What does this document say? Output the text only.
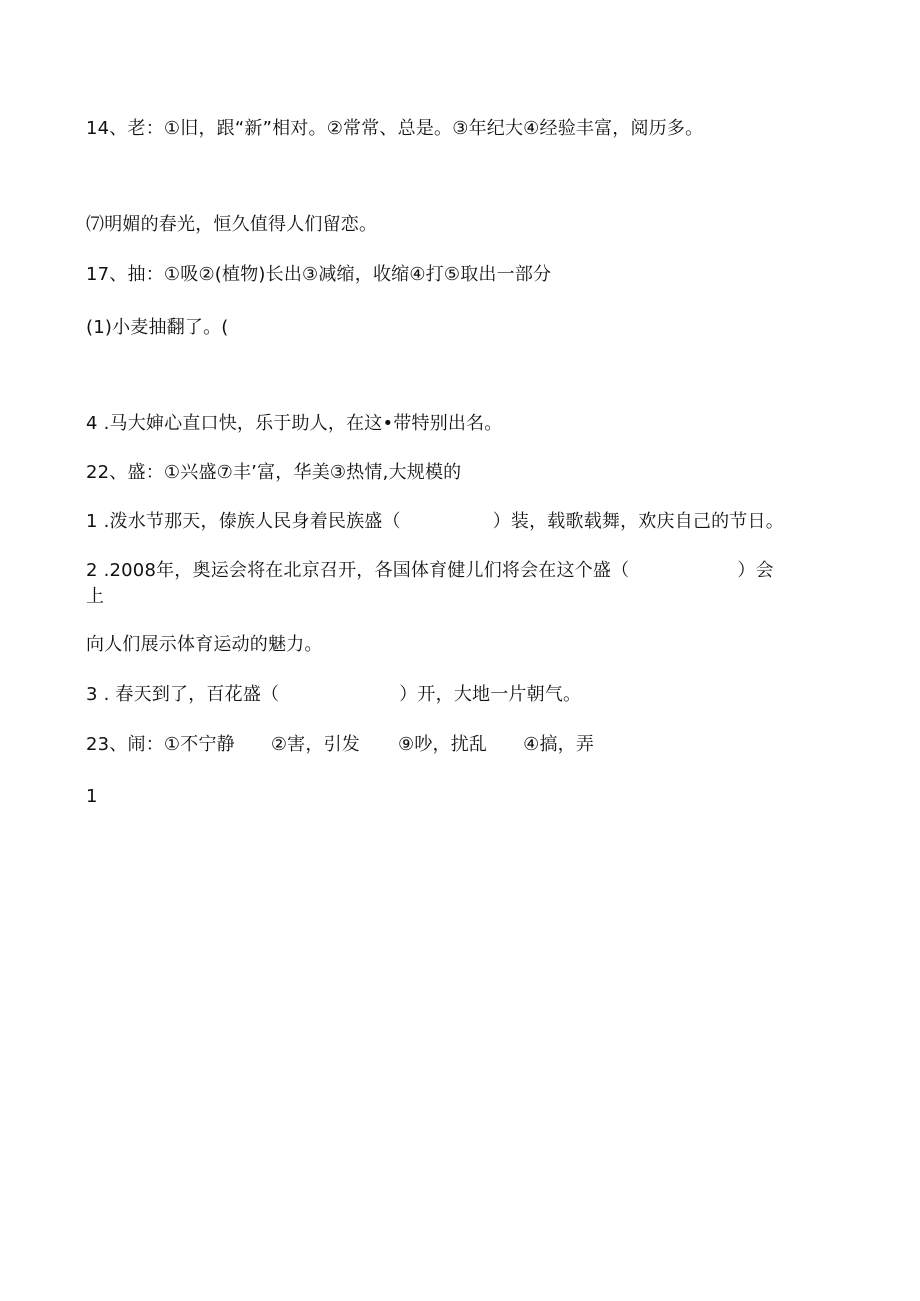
14、老：①旧，跟“新”相对。②常常、总是。③年纪大④经验丰富，阅历多。
⑺明媚的春光，恒久值得人们留恋。
17、抽：①吸②(植物)长出③减缩，收缩④打⑤取出一部分
(1)小麦抽翻了。(
4 .马大婶心直口快，乐于助人，在这•带特别出名。
22、盛：①兴盛⑦丰’富，华美③热情,大规模的
1 .泼水节那天，傣族人民身着民族盛（	）装，载歌载舞，欢庆自己的节日。
2 .2008年，奥运会将在北京召开，各国体育健儿们将会在这个盛（	）会
上
向人们展示体育运动的魅力。
3 . 春天到了，百花盛（	）开，大地一片朝气。
23、闹：①不宁静 ②害，引发 ⑨吵，扰乱 ④搞，弄
1
